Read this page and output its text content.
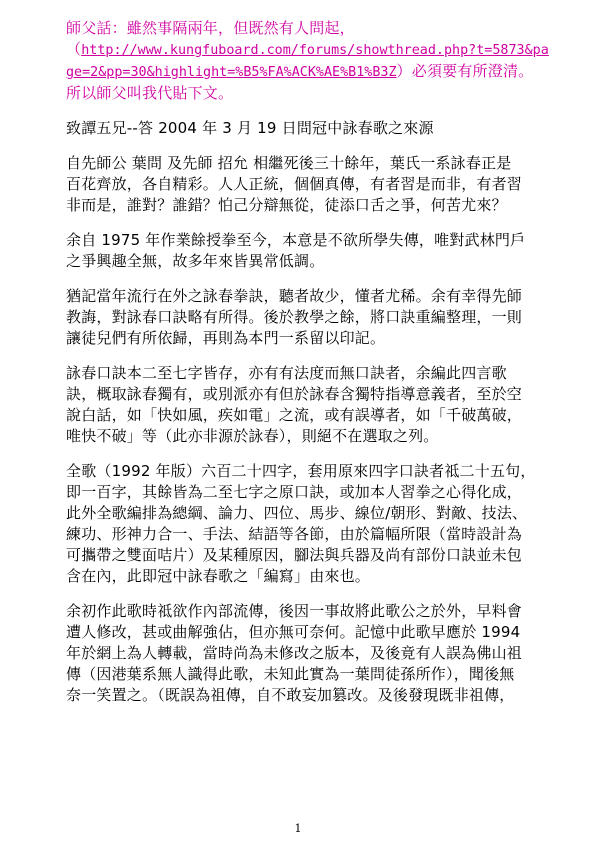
師父話：雖然事隔兩年，但既然有人問起，
（http://www.kungfuboard.com/forums/showthread.php?t=5873&pa
ge=2&pp=30&highlight=%B5%FA%ACK%AE%B1%B3Z）必須要有所澄清。
所以師父叫我代貼下文。
致譚五兄--答 2004 年 3 月 19 日問冠中詠春歌之來源
自先師公 葉問 及先師 招允 相繼死後三十餘年，葉氏一系詠春正是
百花齊放，各自精彩。人人正統，個個真傳，有者習是而非，有者習
非而是，誰對？誰錯？怕己分辯無從，徒添口舌之爭，何苦尤來？
余自 1975 年作業餘授拳至今，本意是不欲所學失傳，唯對武林門戶
之爭興趣全無，故多年來皆異常低調。
猶記當年流行在外之詠春拳訣，聽者故少，懂者尤稀。余有幸得先師
教誨，對詠春口訣略有所得。後於教學之餘，將口訣重編整理，一則
讓徒兒們有所依歸，再則為本門一系留以印記。
詠春口訣本二至七字皆存，亦有有法度而無口訣者，余編此四言歌
訣，概取詠春獨有，或別派亦有但於詠春含獨特指導意義者，至於空
說白話，如「快如風，疾如電」之流，或有誤導者，如「千破萬破，
唯快不破」等（此亦非源於詠春），則絕不在選取之列。
全歌（1992 年版）六百二十四字，套用原來四字口訣者祗二十五句，
即一百字，其餘皆為二至七字之原口訣，或加本人習拳之心得化成，
此外全歌編排為總綱、論力、四位、馬步、線位/朝形、對敵、技法、
練功、形神力合一、手法、結語等各節，由於篇幅所限（當時設計為
可攜帶之雙面咭片）及某種原因，腳法與兵器及尚有部份口訣並未包
含在內，此即冠中詠春歌之「編寫」由來也。
余初作此歌時祗欲作內部流傳，後因一事故將此歌公之於外，早料會
遭人修改，甚或曲解強佔，但亦無可奈何。記憶中此歌早應於 1994
年於網上為人轉載，當時尚為未修改之版本，及後竟有人誤為佛山祖
傳（因港葉系無人識得此歌，未知此實為一葉問徒孫所作），聞後無
奈一笑置之。（既誤為祖傳，自不敢妄加篡改。及後發現既非祖傳，
1
